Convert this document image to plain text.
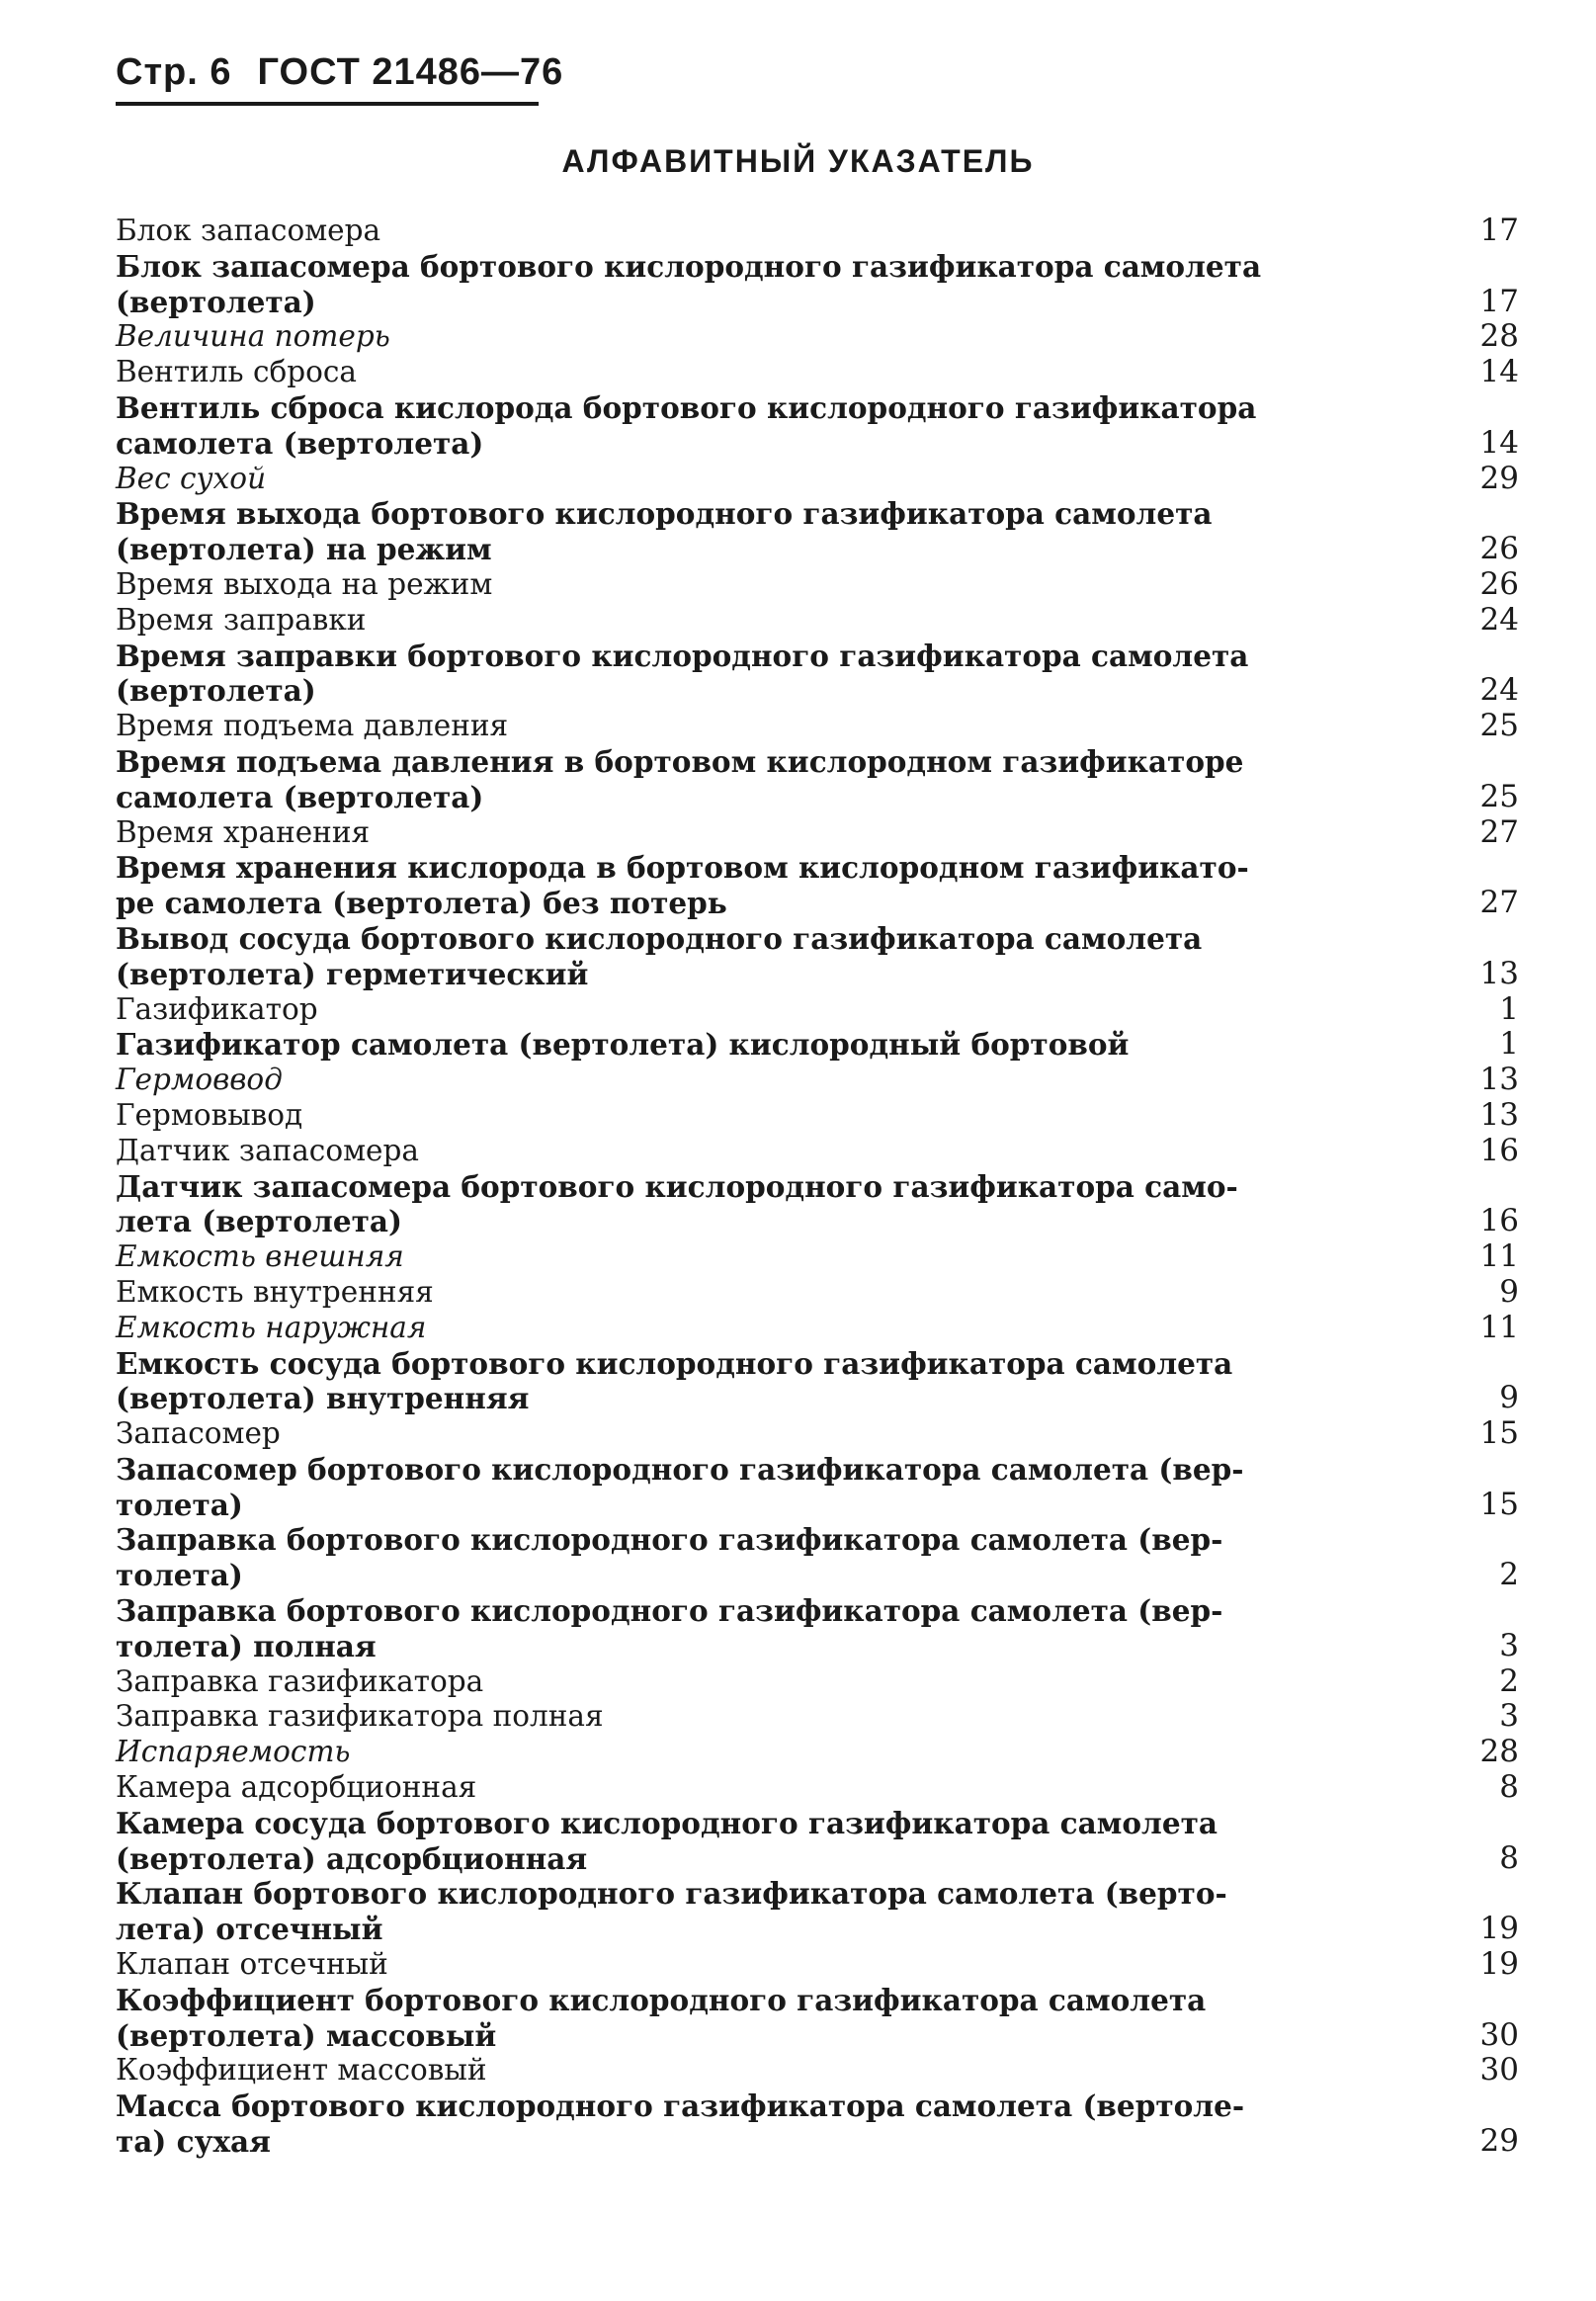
Стр. 6 ГОСТ 21486—76
АЛФАВИТНЫЙ УКАЗАТЕЛЬ
Блок запасомера	17
Блок запасомера бортового кислородного газификатора самолета
(вертолета)	17
Величина потерь	28
Вентиль сброса	14
Вентиль сброса кислорода бортового кислородного газификатора
самолета (вертолета)	14
Вес сухой	29
Время выхода бортового кислородного газификатора самолета
(вертолета) на режим	26
Время выхода на режим	26
Время заправки	24
Время заправки бортового кислородного газификатора самолета
(вертолета)	24
Время подъема давления	25
Время подъема давления в бортовом кислородном газификаторе
самолета (вертолета)	25
Время хранения	27
Время хранения кислорода в бортовом кислородном газификато-
ре самолета (вертолета) без потерь	27
Вывод сосуда бортового кислородного газификатора самолета
(вертолета) герметический	13
Газификатор	1
Газификатор самолета (вертолета) кислородный бортовой	1
Гермоввод	13
Гермовывод	13
Датчик запасомера	16
Датчик запасомера бортового кислородного газификатора само-
лета (вертолета)	16
Емкость внешняя	11
Емкость внутренняя	9
Емкость наружная	11
Емкость сосуда бортового кислородного газификатора самолета
(вертолета) внутренняя	9
Запасомер	15
Запасомер бортового кислородного газификатора самолета (вер-
толета)	15
Заправка бортового кислородного газификатора самолета (вер-
толета)	2
Заправка бортового кислородного газификатора самолета (вер-
толета) полная	3
Заправка газификатора	2
Заправка газификатора полная	3
Испаряемость	28
Камера адсорбционная	8
Камера сосуда бортового кислородного газификатора самолета
(вертолета) адсорбционная	8
Клапан бортового кислородного газификатора самолета (верто-
лета) отсечный	19
Клапан отсечный	19
Коэффициент бортового кислородного газификатора самолета
(вертолета) массовый	30
Коэффициент массовый	30
Масса бортового кислородного газификатора самолета (вертоле-
та) сухая	29
